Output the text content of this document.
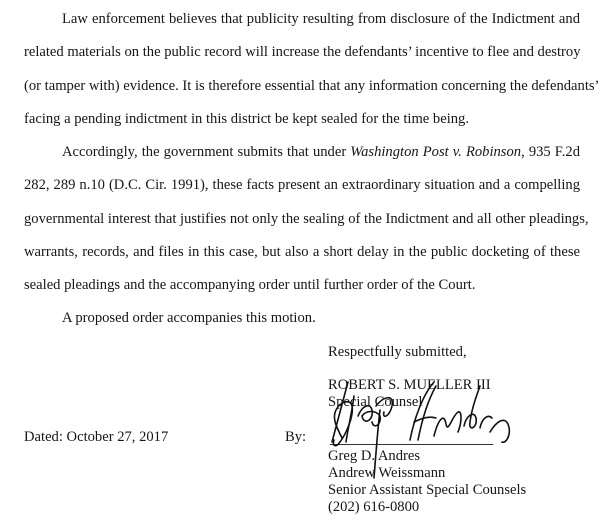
Law enforcement believes that publicity resulting from disclosure of the Indictment and
related materials on the public record will increase the defendants’ incentive to flee and destroy
(or tamper with) evidence. It is therefore essential that any information concerning the defendants’
facing a pending indictment in this district be kept sealed for the time being.
Accordingly, the government submits that under Washington Post v. Robinson, 935 F.2d
282, 289 n.10 (D.C. Cir. 1991), these facts present an extraordinary situation and a compelling
governmental interest that justifies not only the sealing of the Indictment and all other pleadings,
warrants, records, and files in this case, but also a short delay in the public docketing of these
sealed pleadings and the accompanying order until further order of the Court.
A proposed order accompanies this motion.
Respectfully submitted,
ROBERT S. MUELLER III
Special Counsel
Dated: October 27, 2017	By:
Greg D. Andres
Andrew Weissmann
Senior Assistant Special Counsels
(202) 616-0800
